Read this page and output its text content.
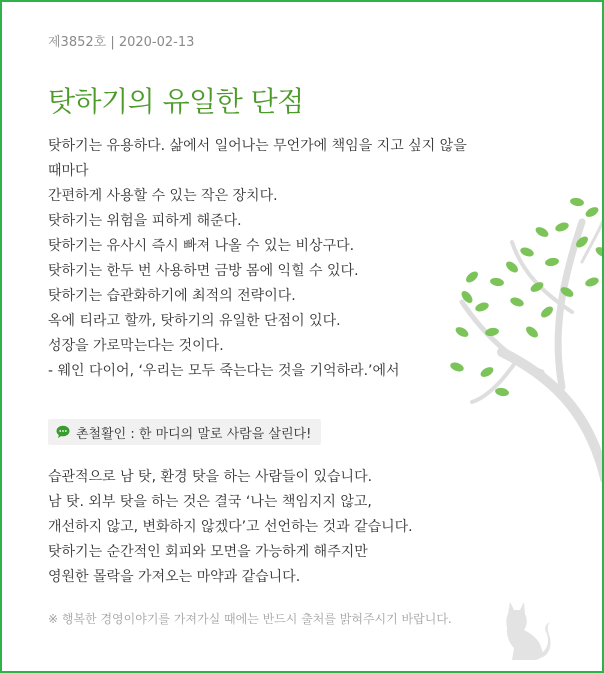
제3852호 | 2020-02-13
탓하기의 유일한 단점

탓하기는 유용하다. 삶에서 일어나는 무언가에 책임을 지고 싶지 않을

때마다

간편하게 사용할 수 있는 작은 장치다.

탓하기는 위험을 피하게 해준다.

탓하기는 유사시 즉시 빠져 나올 수 있는 비상구다.

탓하기는 한두 번 사용하면 금방 몸에 익힐 수 있다.

탓하기는 습관화하기에 최적의 전략이다.

옥에 티라고 할까, 탓하기의 유일한 단점이 있다.

성장을 가로막는다는 것이다.

- 웨인 다이어, ‘우리는 모두 죽는다는 것을 기억하라.’에서

촌철활인 : 한 마디의 말로 사람을 살린다!

습관적으로 남 탓, 환경 탓을 하는 사람들이 있습니다.

남 탓. 외부 탓을 하는 것은 결국 ‘나는 책임지지 않고,

개선하지 않고, 변화하지 않겠다’고 선언하는 것과 같습니다.

탓하기는 순간적인 회피와 모면을 가능하게 해주지만

영원한 몰락을 가져오는 마약과 같습니다.

※ 행복한 경영이야기를 가져가실 때에는 반드시 출처를 밝혀주시기 바랍니다.
